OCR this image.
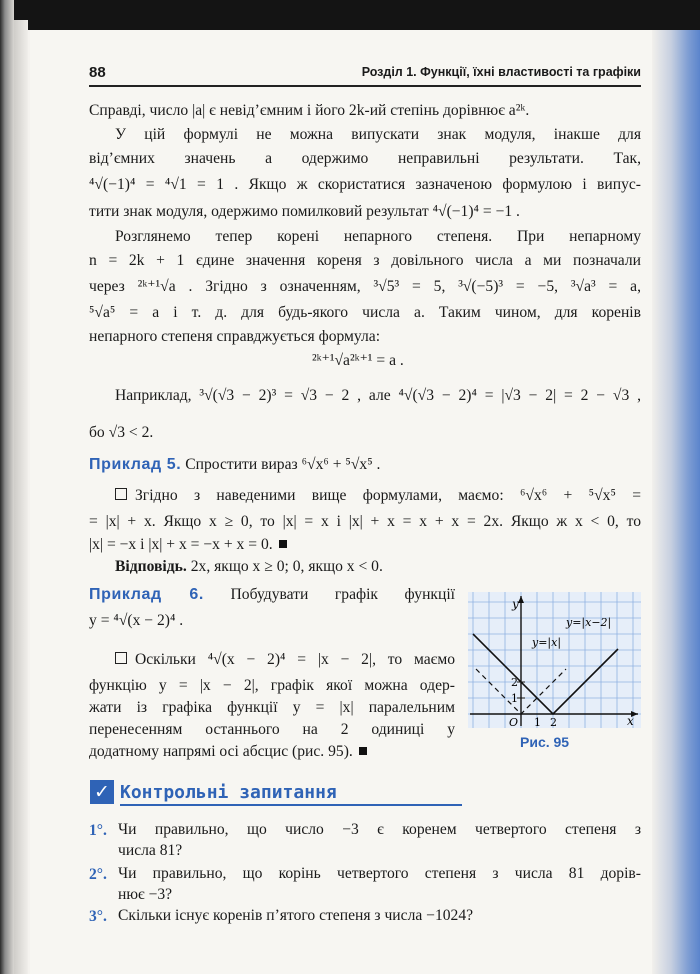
88	Розділ 1. Функції, їхні властивості та графіки
Справді, число |a| є невід’ємним і його 2k-ий степінь дорівнює a²ᵏ.
У цій формулі не можна випускати знак модуля, інакше для
від’ємних значень a одержимо неправильні результати. Так,
⁴√(−1)⁴ = ⁴√1 = 1 . Якщо ж скористатися зазначеною формулою і випус-
тити знак модуля, одержимо помилковий результат ⁴√(−1)⁴ = −1 .
Розглянемо тепер корені непарного степеня. При непарному
n = 2k + 1 єдине значення кореня з довільного числа a ми позначали
через ²ᵏ⁺¹√a . Згідно з означенням, ³√5³ = 5, ³√(−5)³ = −5, ³√a³ = a,
⁵√a⁵ = a і т. д. для будь-якого числа a. Таким чином, для коренів
непарного степеня справджується формула:
²ᵏ⁺¹√a²ᵏ⁺¹ = a .
Наприклад, ³√(√3 − 2)³ = √3 − 2 , але ⁴√(√3 − 2)⁴ = |√3 − 2| = 2 − √3 ,
бо √3 < 2.
Приклад 5. Спростити вираз ⁶√x⁶ + ⁵√x⁵ .
Згідно з наведеними вище формулами, маємо: ⁶√x⁶ + ⁵√x⁵ =
= |x| + x. Якщо x ≥ 0, то |x| = x і |x| + x = x + x = 2x. Якщо ж x < 0, то
|x| = −x і |x| + x = −x + x = 0.
Відповідь. 2x, якщо x ≥ 0; 0, якщо x < 0.
Приклад 6. Побудувати графік функції
y = ⁴√(x − 2)⁴ .
Оскільки ⁴√(x − 2)⁴ = |x − 2|, то маємо
функцію y = |x − 2|, графік якої можна одер-
жати із графіка функції y = |x| паралельним
перенесенням останнього на 2 одиниці у
додатному напрямі осі абсцис (рис. 95).
y
x
O 1 2
1
2
y=|x−2|
y=|x|
Рис. 95
✓ Контрольні запитання
1°. Чи правильно, що число −3 є коренем четвертого степеня з
числа 81?
2°. Чи правильно, що корінь четвертого степеня з числа 81 дорів-
нює −3?
3°. Скільки існує коренів п’ятого степеня з числа −1024?
